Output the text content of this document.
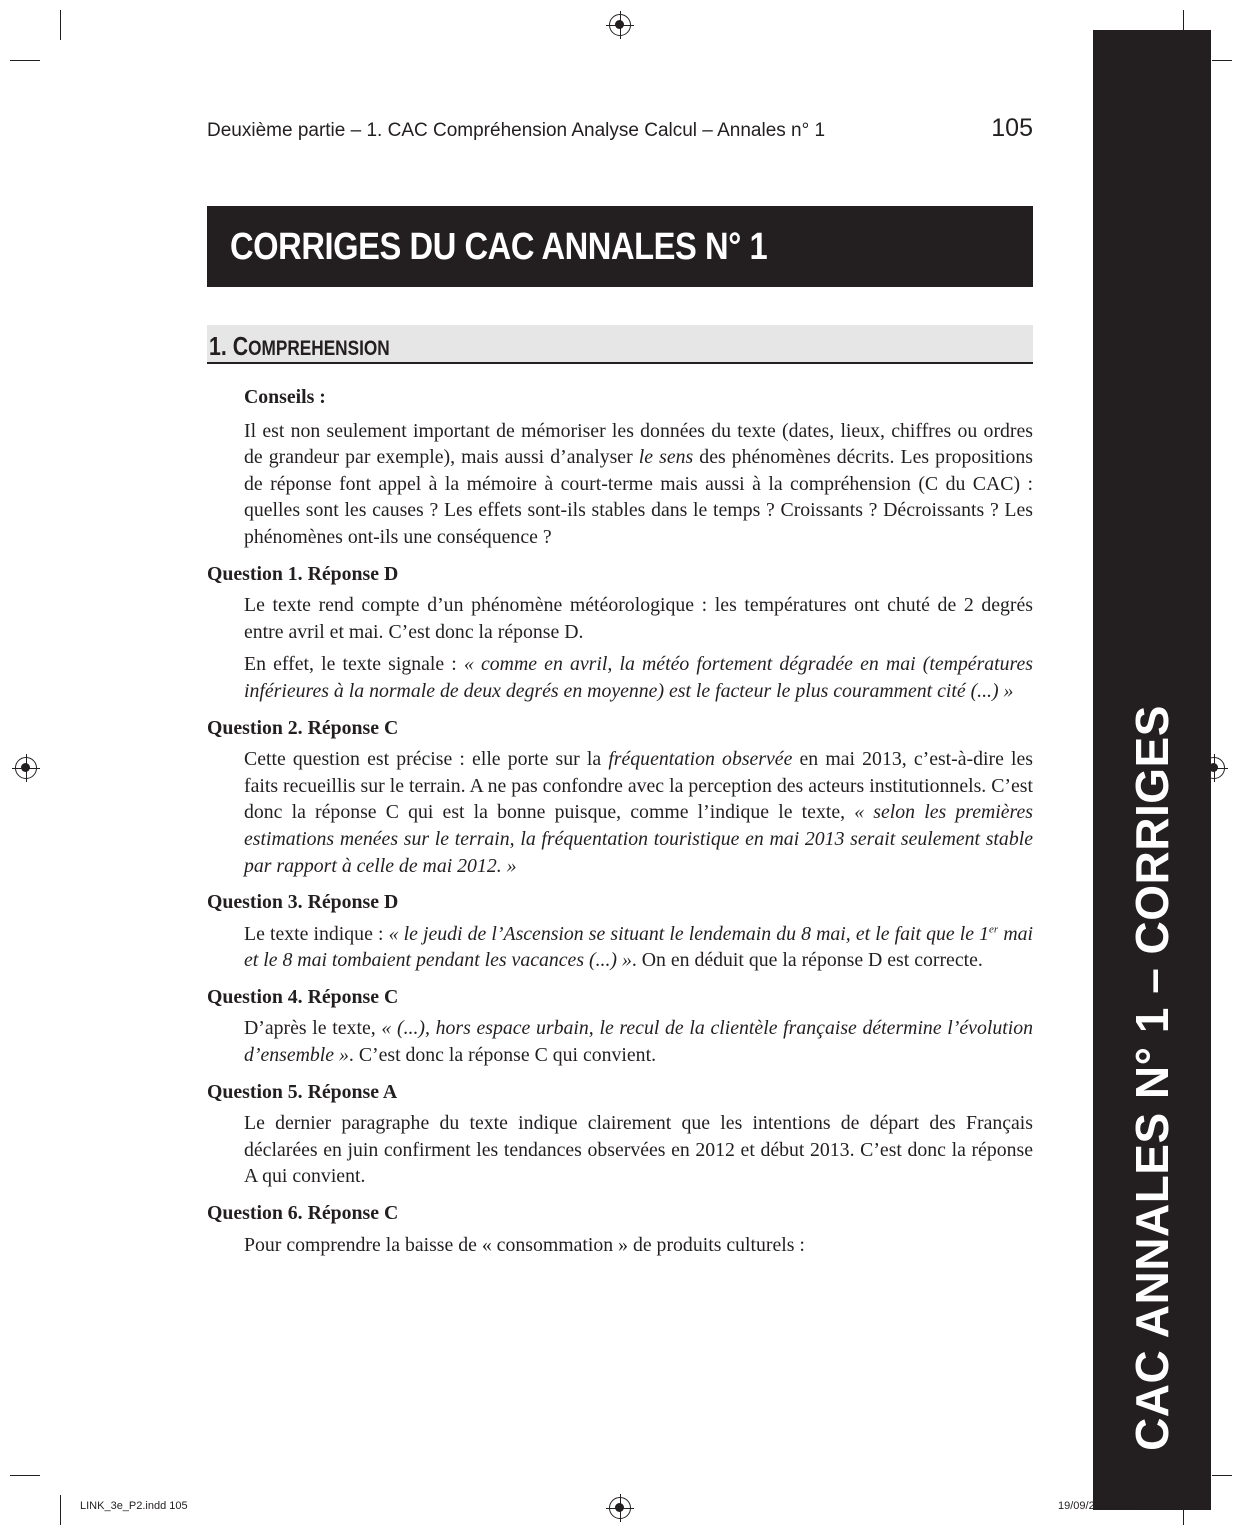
Deuxième partie – 1. CAC Compréhension Analyse Calcul – Annales n° 1	105
CORRIGES DU CAC ANNALES N° 1
1. COMPREHENSION

Conseils :

Il est non seulement important de mémoriser les données du texte (dates, lieux, chiffres ou ordres de grandeur par exemple), mais aussi d’analyser le sens des phénomènes décrits. Les propositions de réponse font appel à la mémoire à court-terme mais aussi à la compréhension (C du CAC) : quelles sont les causes ? Les effets sont-ils stables dans le temps ? Croissants ? Décroissants ? Les phénomènes ont-ils une conséquence ?

Question 1. Réponse D

Le texte rend compte d’un phénomène météorologique : les températures ont chuté de 2 degrés entre avril et mai. C’est donc la réponse D.

En effet, le texte signale : « comme en avril, la météo fortement dégradée en mai (températures inférieures à la normale de deux degrés en moyenne) est le facteur le plus couramment cité (...) »

Question 2. Réponse C

Cette question est précise : elle porte sur la fréquentation observée en mai 2013, c’est-à-dire les faits recueillis sur le terrain. A ne pas confondre avec la perception des acteurs institutionnels. C’est donc la réponse C qui est la bonne puisque, comme l’indique le texte, « selon les premières estimations menées sur le terrain, la fréquentation touristique en mai 2013 serait seulement stable par rapport à celle de mai 2012. »

Question 3. Réponse D

Le texte indique : « le jeudi de l’Ascension se situant le lendemain du 8 mai, et le fait que le 1er mai et le 8 mai tombaient pendant les vacances (...) ». On en déduit que la réponse D est correcte.

Question 4. Réponse C

D’après le texte, « (...), hors espace urbain, le recul de la clientèle française détermine l’évolution d’ensemble ». C’est donc la réponse C qui convient.

Question 5. Réponse A

Le dernier paragraphe du texte indique clairement que les intentions de départ des Français déclarées en juin confirment les tendances observées en 2012 et début 2013. C’est donc la réponse A qui convient.

Question 6. Réponse C

Pour comprendre la baisse de « consommation » de produits culturels :	CAC ANNALES N° 1 – CORRIGES
LINK_3e_P2.indd 105	19/09/2014 15:56
